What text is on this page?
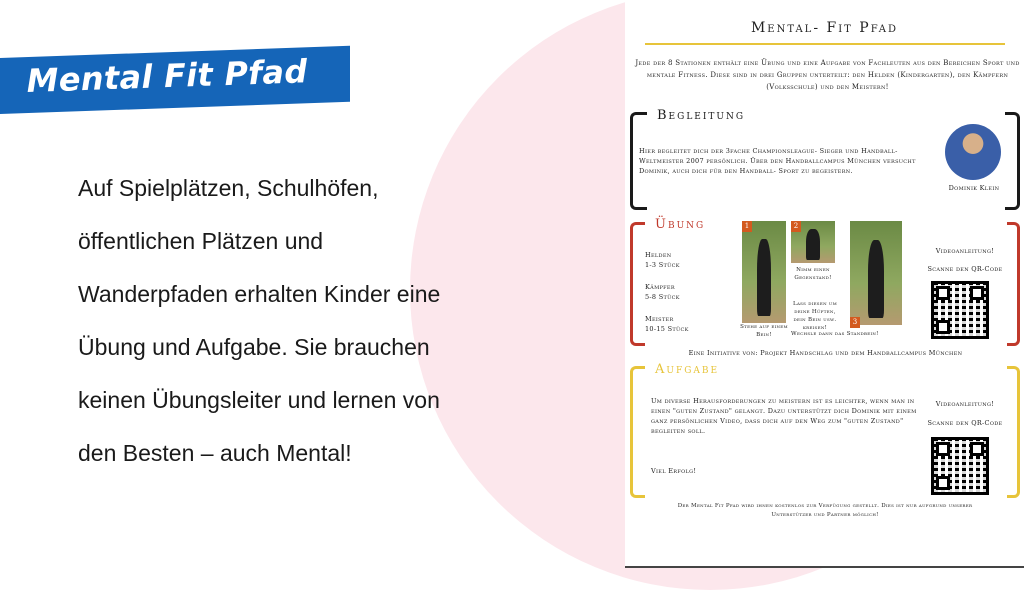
Mental Fit Pfad
Auf Spielplätzen, Schulhöfen,
öffentlichen Plätzen und
Wanderpfaden erhalten Kinder eine
Übung und Aufgabe. Sie brauchen
keinen Übungsleiter und lernen von
den Besten – auch Mental!
Mental- Fit Pfad
Jede der 8 Stationen enthält eine Übung und eine Aufgabe von Fachleuten aus den Bereichen Sport und mentale Fitness. Diese sind in drei Gruppen unterteilt: den Helden (Kindergarten), den Kämpfern (Volksschule) und den Meistern!
Begleitung
Hier begleitet dich der 3fache Championsleague- Sieger und Handball- Weltmeister 2007 persönlich. Über den Handballcampus München versucht Dominik, auch dich für den Handball- Sport zu begeistern.
Dominik Klein
Übung
Helden
1-3 Stück
Kämpfer
5-8 Stück
Meister
10-15 Stück
1	2
3
Stehe auf einem Bein!
Nimm einen Gegenstand!
Lass diesen um deine Hüften, dein Bein usw. kreisen!
Wechsle dann das Standbein!
Videoanleitung!
Scanne den QR-Code
Eine Initiative von: Projekt Handschlag und dem Handballcampus München
Aufgabe
Um diverse Herausforderungen zu meistern ist es leichter, wenn man in einen "guten Zustand" gelangt. Dazu unterstützt dich Dominik mit einem ganz persönlichen Video, dass dich auf den Weg zum "guten Zustand" begleiten soll.
Viel Erfolg!
Videoanleitung!
Scanne den QR-Code
Der Mental Fit Pfad wird ihnen kostenlos zur Verfügung gestellt. Dies ist nur aufgrund unserer Unterstützer und Partner möglich!
